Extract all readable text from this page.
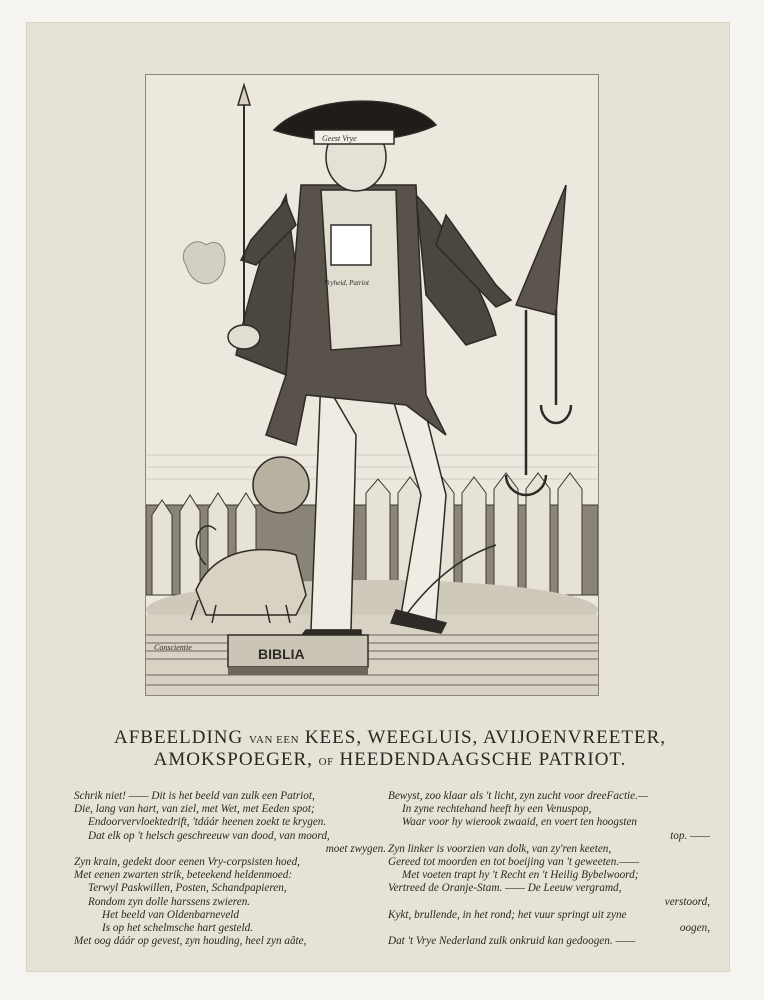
BIBLIA
Geest Vrye
Vryheid, Patriot
Conscientie
AFBEELDING VAN EEN KEES, WEEGLUIS, AVIJOENVREETER,
AMOKSPOEGER, OF HEEDENDAAGSCHE PATRIOT.
Schrik niet! —— Dit is het beeld van zulk een Patriot,
Die, lang van hart, van ziel, met Wet, met Eeden spot;
Endoorvervloektedrift, 'tdáár heenen zoekt te krygen.
Dat elk op 't helsch geschreeuw van dood, van moord,
moet zwygen.
Zyn krain, gedekt door eenen Vry-corpsisten hoed,
Met eenen zwarten strik, beteekend heldenmoed:
Terwyl Paskwillen, Posten, Schandpapieren,
Rondom zyn dolle harssens zwieren.
Het beeld van Oldenbarneveld
Is op het schelmsche hart gesteld.
Met oog dáár op gevest, zyn houding, heel zyn aâte,
Bewyst, zoo klaar als 't licht, zyn zucht voor dreeFactie.—
In zyne rechtehand heeft hy een Venuspop,
Waar voor hy wierook zwaaid, en voert ten hoogsten
top. ——
Zyn linker is voorzien van dolk, van zy'ren keeten,
Gereed tot moorden en tot boeijing van 't geweeten.——
Met voeten trapt hy 't Recht en 't Heilig Bybelwoord;
Vertreed de Oranje-Stam. —— De Leeuw vergramd,
verstoord,
Kykt, brullende, in het rond; het vuur springt uit zyne
oogen,
Dat 't Vrye Nederland zulk onkruid kan gedoogen. ——
